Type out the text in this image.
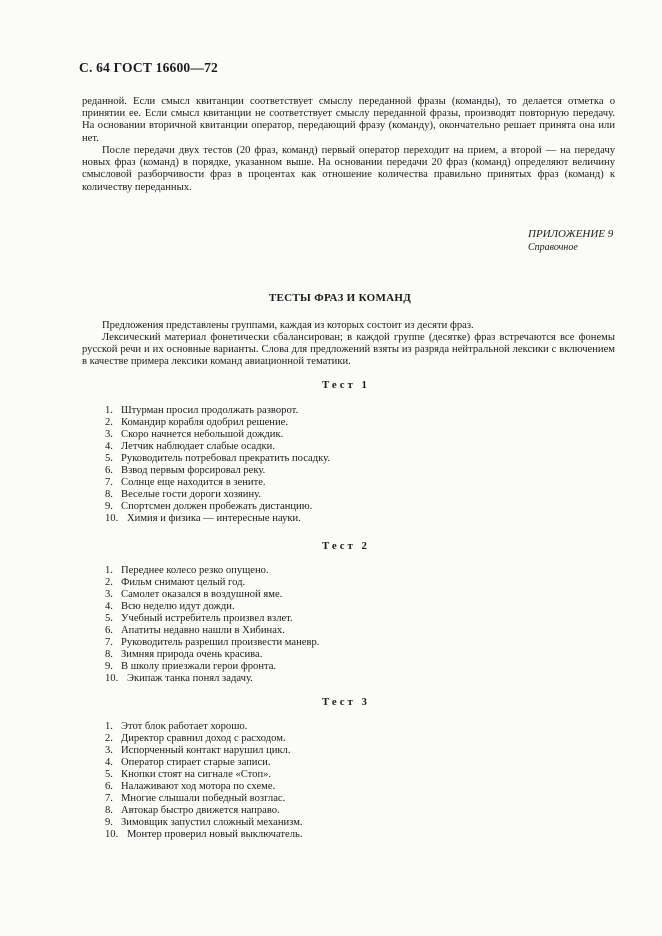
С. 64 ГОСТ 16600—72

реданной. Если смысл квитанции соответствует смыслу переданной фразы (команды), то делается отметка о принятии ее. Если смысл квитанции не соответствует смыслу переданной фразы, производят повторную передачу. На основании вторичной квитанции оператор, передающий фразу (команду), окончательно решает принята она или нет.

После передачи двух тестов (20 фраз, команд) первый оператор переходит на прием, а второй — на передачу новых фраз (команд) в порядке, указанном выше. На основании передачи 20 фраз (команд) определяют величину смысловой разборчивости фраз в процентах как отношение количества правильно принятых фраз (команд) к количеству переданных.

ПРИЛОЖЕНИЕ 9
Справочное
ТЕСТЫ ФРАЗ И КОМАНД

Предложения представлены группами, каждая из которых состоит из десяти фраз.

Лексический материал фонетически сбалансирован; в каждой группе (десятке) фраз встречаются все фонемы русской речи и их основные варианты. Слова для предложений взяты из разряда нейтральной лексики с включением в качестве примера лексики команд авиационной тематики.

Тест 1
1. Штурман просил продолжать разворот.
2. Командир корабля одобрил решение.
3. Скоро начнется небольшой дождик.
4. Летчик наблюдает слабые осадки.
5. Руководитель потребовал прекратить посадку.
6. Взвод первым форсировал реку.
7. Солнце еще находится в зените.
8. Веселые гости дороги хозяину.
9. Спортсмен должен пробежать дистанцию.
10. Химия и физика — интересные науки.
Тест 2
1. Переднее колесо резко опущено.
2. Фильм снимают целый год.
3. Самолет оказался в воздушной яме.
4. Всю неделю идут дожди.
5. Учебный истребитель произвел взлет.
6. Апатиты недавно нашли в Хибинах.
7. Руководитель разрешил произвести маневр.
8. Зимняя природа очень красива.
9. В школу приезжали герои фронта.
10. Экипаж танка понял задачу.
Тест 3
1. Этот блок работает хорошо.
2. Директор сравнил доход с расходом.
3. Испорченный контакт нарушил цикл.
4. Оператор стирает старые записи.
5. Кнопки стоят на сигнале «Стоп».
6. Налаживают ход мотора по схеме.
7. Многие слышали победный возглас.
8. Автокар быстро движется направо.
9. Зимовщик запустил сложный механизм.
10. Монтер проверил новый выключатель.
